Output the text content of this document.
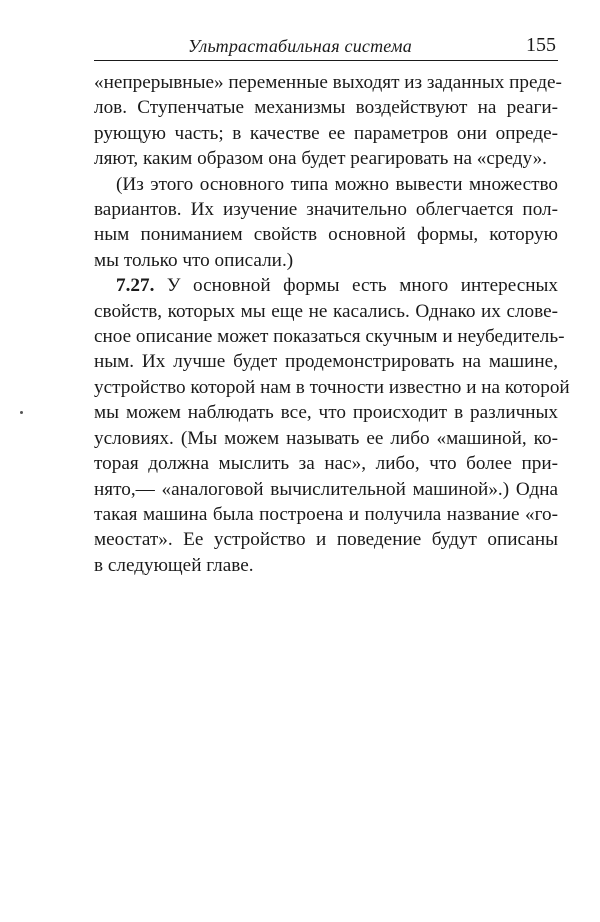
Ультрастабильная система	155
«непрерывные» переменные выходят из заданных преде-
лов. Ступенчатые механизмы воздействуют на реаги-
рующую часть; в качестве ее параметров они опреде-
ляют, каким образом она будет реагировать на «среду».
(Из этого основного типа можно вывести множество
вариантов. Их изучение значительно облегчается пол-
ным пониманием свойств основной формы, которую
мы только что описали.)
7.27. У основной формы есть много интересных
свойств, которых мы еще не касались. Однако их слове-
сное описание может показаться скучным и неубедитель-
ным. Их лучше будет продемонстрировать на машине,
устройство которой нам в точности известно и на которой
мы можем наблюдать все, что происходит в различных
условиях. (Мы можем называть ее либо «машиной, ко-
торая должна мыслить за нас», либо, что более при-
нято,— «аналоговой вычислительной машиной».) Одна
такая машина была построена и получила название «го-
меостат». Ее устройство и поведение будут описаны
в следующей главе.
